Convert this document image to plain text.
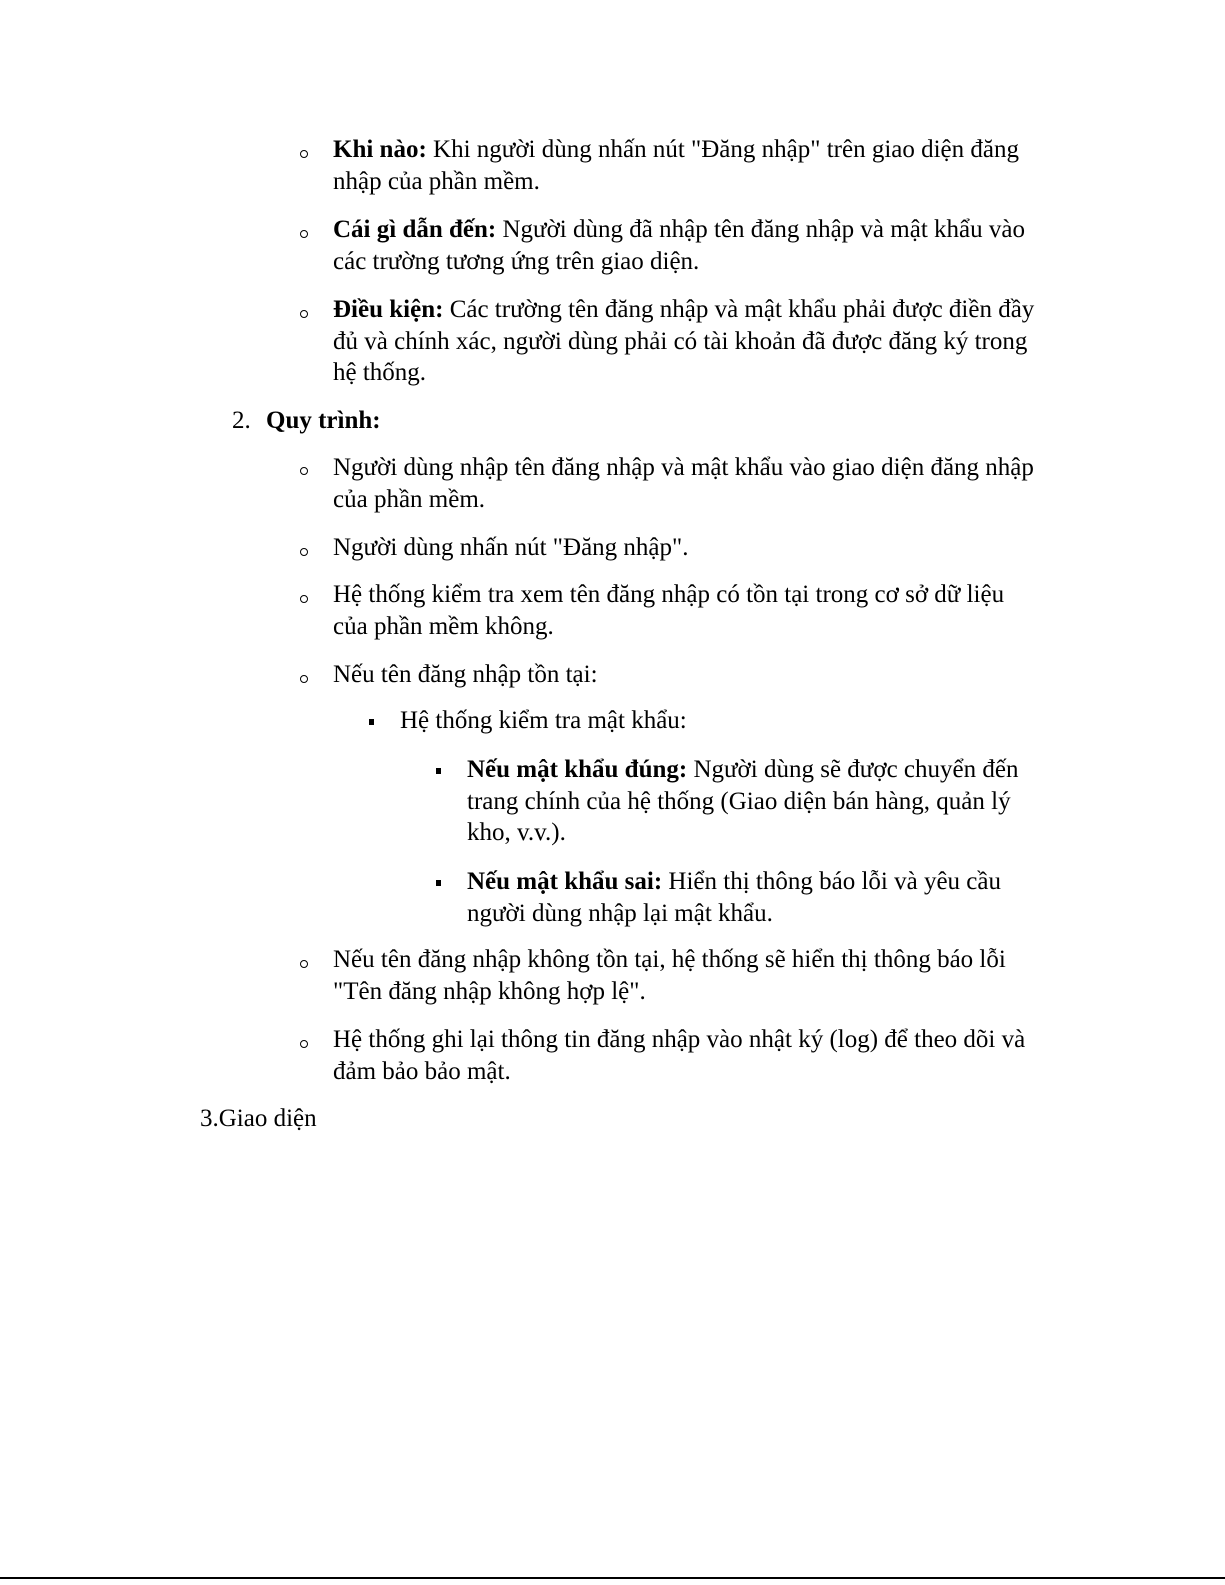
Khi nào: Khi người dùng nhấn nút "Đăng nhập" trên giao diện đăng
nhập của phần mềm.
Cái gì dẫn đến: Người dùng đã nhập tên đăng nhập và mật khẩu vào
các trường tương ứng trên giao diện.
Điều kiện: Các trường tên đăng nhập và mật khẩu phải được điền đầy
đủ và chính xác, người dùng phải có tài khoản đã được đăng ký trong
hệ thống.
2. Quy trình:
Người dùng nhập tên đăng nhập và mật khẩu vào giao diện đăng nhập
của phần mềm.
Người dùng nhấn nút "Đăng nhập".
Hệ thống kiểm tra xem tên đăng nhập có tồn tại trong cơ sở dữ liệu
của phần mềm không.
Nếu tên đăng nhập tồn tại:
Hệ thống kiểm tra mật khẩu:
Nếu mật khẩu đúng: Người dùng sẽ được chuyển đến
trang chính của hệ thống (Giao diện bán hàng, quản lý
kho, v.v.).
Nếu mật khẩu sai: Hiển thị thông báo lỗi và yêu cầu
người dùng nhập lại mật khẩu.
Nếu tên đăng nhập không tồn tại, hệ thống sẽ hiển thị thông báo lỗi
"Tên đăng nhập không hợp lệ".
Hệ thống ghi lại thông tin đăng nhập vào nhật ký (log) để theo dõi và
đảm bảo bảo mật.
3.Giao diện
